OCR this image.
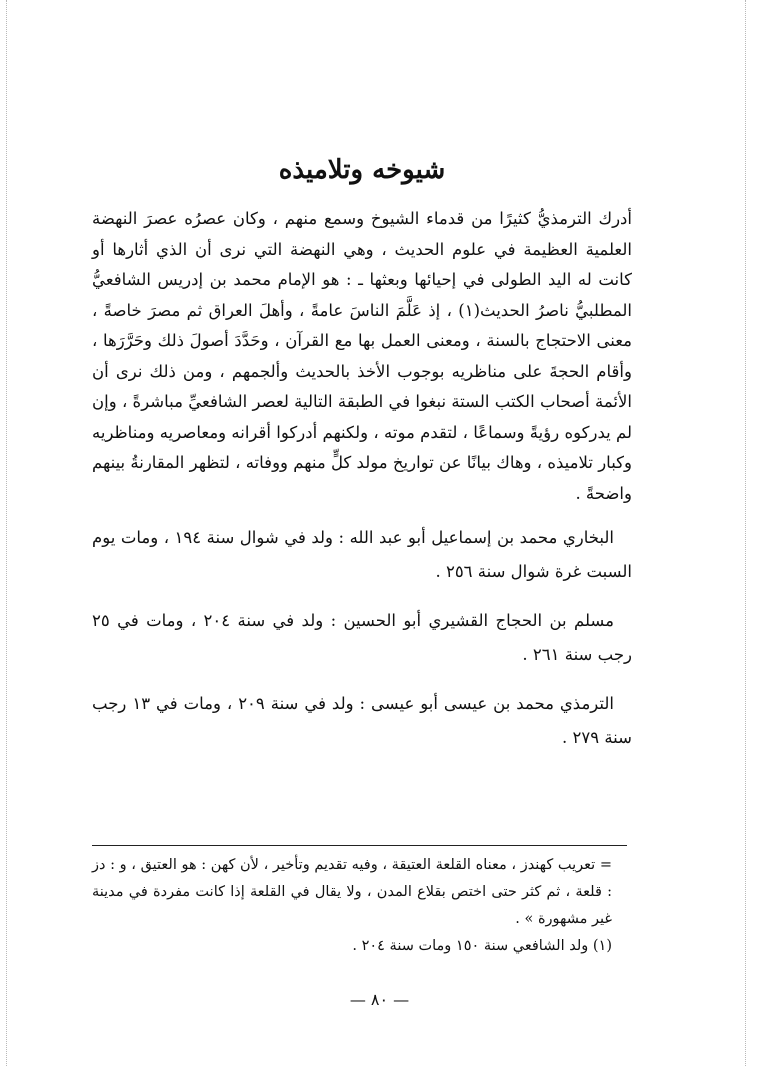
شيوخه وتلاميذه

أدرك الترمذيُّ كثيرًا من قدماء الشيوخ وسمع منهم ، وكان عصرُه عصرَ النهضة العلمية العظيمة في علوم الحديث ، وهي النهضة التي نرى أن الذي أثارها أو كانت له اليد الطولى في إحيائها وبعثها ـ : هو الإمام محمد بن إدريس الشافعيُّ المطلبيُّ ناصرُ الحديث(١) ، إذ عَلَّمَ الناسَ عامةً ، وأهلَ العراق ثم مصرَ خاصةً ، معنى الاحتجاج بالسنة ، ومعنى العمل بها مع القرآن ، وحَدَّدَ أصولَ ذلك وحَرَّرَها ، وأقام الحجةَ على مناظريه بوجوب الأخذ بالحديث وألجمهم ، ومن ذلك نرى أن الأئمة أصحاب الكتب الستة نبغوا في الطبقة التالية لعصر الشافعيِّ مباشرةً ، وإن لم يدركوه رؤيةً وسماعًا ، لتقدم موته ، ولكنهم أدركوا أقرانه ومعاصريه ومناظريه وكبار تلاميذه ، وهاك بيانًا عن تواريخ مولد كلٍّ منهم ووفاته ، لتظهر المقارنةُ بينهم واضحةً .

البخاري محمد بن إسماعيل أبو عبد الله : ولد في شوال سنة ١٩٤ ، ومات يوم السبت غرة شوال سنة ٢٥٦ .

مسلم بن الحجاج القشيري أبو الحسين : ولد في سنة ٢٠٤ ، ومات في ٢٥ رجب سنة ٢٦١ .

الترمذي محمد بن عيسى أبو عيسى : ولد في سنة ٢٠٩ ، ومات في ١٣ رجب سنة ٢٧٩ .

= تعريب كهندز ، معناه القلعة العتيقة ، وفيه تقديم وتأخير ، لأن كهن : هو العتيق ، و : دز : قلعة ، ثم كثر حتى اختص بقلاع المدن ، ولا يقال في القلعة إذا كانت مفردة في مدينة غير مشهورة » .

(١) ولد الشافعي سنة ١٥٠ ومات سنة ٢٠٤ .

— ٨٠ —
